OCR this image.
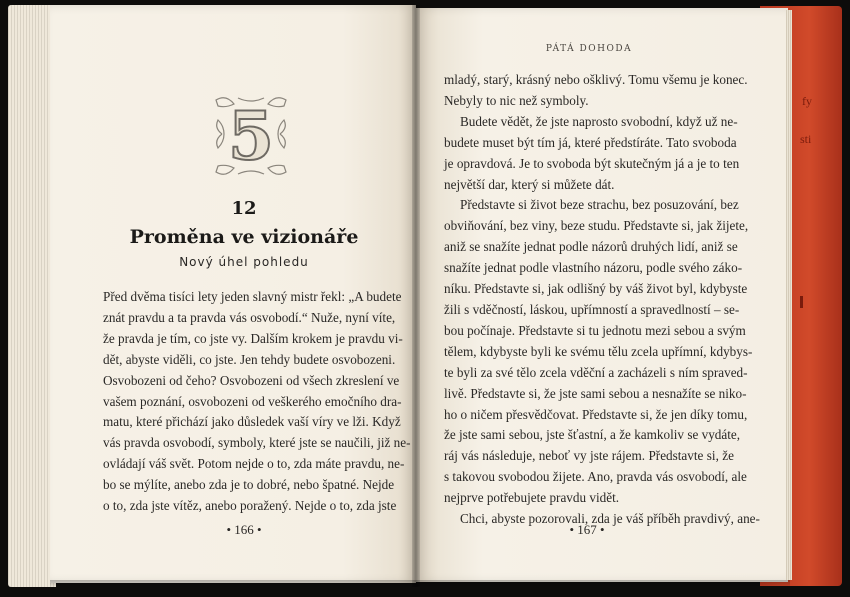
fy
sti
5
12
Proměna ve vizionáře
Nový úhel pohledu
Před dvěma tisíci lety jeden slavný mistr řekl: „A budete
znát pravdu a ta pravda vás osvobodí.“ Nuže, nyní víte,
že pravda je tím, co jste vy. Dalším krokem je pravdu vi-
dět, abyste viděli, co jste. Jen tehdy budete osvobozeni.
Osvobozeni od čeho? Osvobozeni od všech zkreslení ve
vašem poznání, osvobozeni od veškerého emočního dra-
matu, které přichází jako důsledek vaší víry ve lži. Když
vás pravda osvobodí, symboly, které jste se naučili, již ne-
ovládají váš svět. Potom nejde o to, zda máte pravdu, ne-
bo se mýlíte, anebo zda je to dobré, nebo špatné. Nejde
o to, zda jste vítěz, anebo poražený. Nejde o to, zda jste
• 166 •
PÁTÁ DOHODA
mladý, starý, krásný nebo ošklivý. Tomu všemu je konec.
Nebyly to nic než symboly.
Budete vědět, že jste naprosto svobodní, když už ne-
budete muset být tím já, které předstíráte. Tato svoboda
je opravdová. Je to svoboda být skutečným já a je to ten
největší dar, který si můžete dát.
Představte si život beze strachu, bez posuzování, bez
obviňování, bez viny, beze studu. Představte si, jak žijete,
aniž se snažíte jednat podle názorů druhých lidí, aniž se
snažíte jednat podle vlastního názoru, podle svého záko-
níku. Představte si, jak odlišný by váš život byl, kdybyste
žili s vděčností, láskou, upřímností a spravedlností – se-
bou počínaje. Představte si tu jednotu mezi sebou a svým
tělem, kdybyste byli ke svému tělu zcela upřímní, kdybys-
te byli za své tělo zcela vděční a zacházeli s ním spraved-
livě. Představte si, že jste sami sebou a nesnažíte se niko-
ho o ničem přesvědčovat. Představte si, že jen díky tomu,
že jste sami sebou, jste šťastní, a že kamkoliv se vydáte,
ráj vás následuje, neboť vy jste rájem. Představte si, že
s takovou svobodou žijete. Ano, pravda vás osvobodí, ale
nejprve potřebujete pravdu vidět.
Chci, abyste pozorovali, zda je váš příběh pravdivý, ane-
• 167 •
